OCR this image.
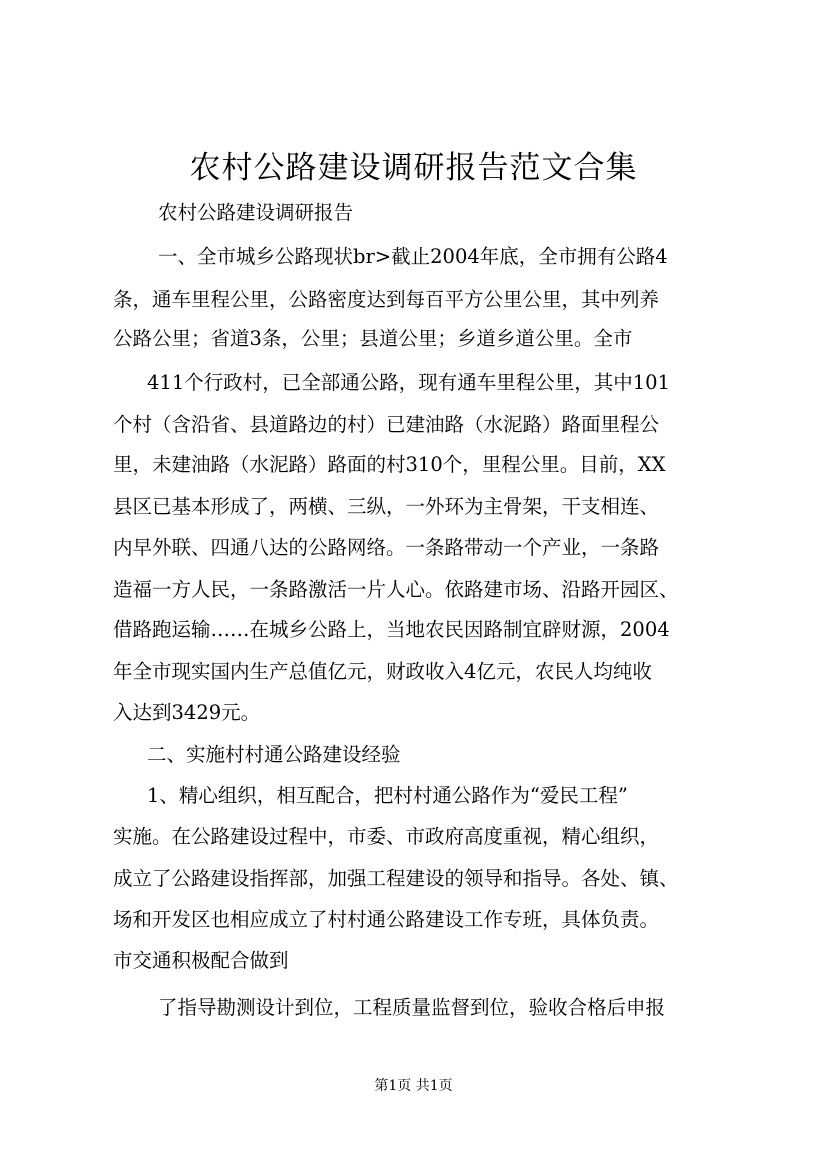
农村公路建设调研报告范文合集
农村公路建设调研报告
一、全市城乡公路现状br>截止2004年底，全市拥有公路4
条，通车里程公里，公路密度达到每百平方公里公里，其中列养
公路公里；省道3条，公里；县道公里；乡道乡道公里。全市
411个行政村，已全部通公路，现有通车里程公里，其中101
个村（含沿省、县道路边的村）已建油路（水泥路）路面里程公
里，未建油路（水泥路）路面的村310个，里程公里。目前，XX
县区已基本形成了，两横、三纵，一外环为主骨架，干支相连、
内早外联、四通八达的公路网络。一条路带动一个产业，一条路
造福一方人民，一条路激活一片人心。依路建市场、沿路开园区、
借路跑运输……在城乡公路上，当地农民因路制宜辟财源，2004
年全市现实国内生产总值亿元，财政收入4亿元，农民人均纯收
入达到3429元。
二、实施村村通公路建设经验
1、精心组织，相互配合，把村村通公路作为“爱民工程”
实施。在公路建设过程中，市委、市政府高度重视，精心组织，
成立了公路建设指挥部，加强工程建设的领导和指导。各处、镇、
场和开发区也相应成立了村村通公路建设工作专班，具体负责。
市交通积极配合做到
了指导勘测设计到位，工程质量监督到位，验收合格后申报
第1页 共1页
